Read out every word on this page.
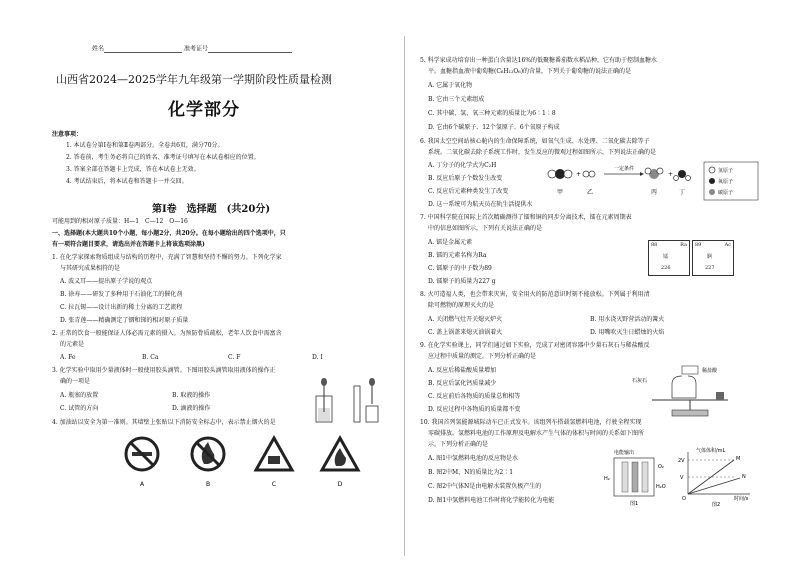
姓名	准考证号
山西省2024—2025学年九年级第一学期阶段性质量检测
化学部分
注意事项：
1. 本试卷分第Ⅰ卷和第Ⅱ卷两部分。全卷共6页，满分70分。
2. 答卷前，考生务必将自己的姓名、准考证号填写在本试卷相应的位置。
3. 答案全部在答题卡上完成，答在本试卷上无效。
4. 考试结束后，将本试卷和答题卡一并交回。
第Ⅰ卷　选择题　(共20分)
可能用到的相对原子质量：H—1　C—12　O—16
一、选择题(本大题共10个小题，每小题2分，共20分。在每小题给出的四个选项中，只
有一项符合题目要求，请选出并在答题卡上将该选项涂黑)
1. 在化学家探索物质组成与结构的历程中，充满了智慧和坚持不懈的努力。下列化学家
与其研究成果相符的是
A. 波义耳——提出原子学说的观点
B. 徐寿——研发了多种用于石油化工的催化剂
C. 拉瓦锡——设计出新的稀土分离的工艺流程
D. 张青莲——精确测定了铟和锑的相对原子质量
2. 正常的饮食一般能保证人体必需元素的摄入。为预防骨质疏松，老年人饮食中需富含
的元素是
A. Fe	B. Ca	C. F	D. I
3. 化学实验中取用少量液体时一般使用胶头滴管。下图用胶头滴管取用液体的操作正
确的一项是
A. 瓶塞的放置	B. 取液的操作
C. 试管的方向	D. 滴液的操作
4. 加油站以安全为第一准则。其墙壁上张贴以下消防安全标志中，表示禁止烟火的是
A	B	C	D
5. 科学家成功培育出一种蛋白含量达16%的低聚糖番茄数水稻品种，它有助于控制血糖水
平。血糖指血液中葡萄糖(C₆H₁₂O₆)的含量，下列关于葡萄糖的说法正确的是
A. 它属于氧化物
B. 它由三个元素组成
C. 其中碳、氢、氧三种元素的质量比为6∶1∶8
D. 它由6个碳原子、12个氢原子、6个氧原子构成
6. 我国太空空间站核心舱内的生命保障系统，如氧气生成、水处理、二氧化碳去除等子
系统。二氧化碳去除子系统工作时，发生反应的微观过程如图所示，下列说法正确的是
A. 丁分子的化学式为C₂H
B. 反应后原子个数发生改变
C. 反应后元素种类发生了改变
D. 这一系统可为航天员在轨生活提供水
+
一定条件
+
甲	乙	丙	丁
氢原子
氧原子
碳原子
7. 中国科学院在国际上首次精确测得了镭和铜的同步分离技术，镭在元素周期表
中的信息如图所示，下列有关说法正确的是
A. 镭是金属元素
B. 镭的元素名称为Ra
C. 镭原子的中子数为89
D. 镭原子的质量为227 g
88	Ra
镭
226
89	Ac
锕
227
8. 火可造福人类，也会带来灾害，安全用火的防范意识时刻不能放松。下列属于利用清
除可燃物的原理灭火的是
A. 关闭燃气灶开关熄灭炉火	B. 用水浇灭野营活动的篝火
C. 盖上锅盖来熄灭油锅着火	D. 用嘴吹灭生日蜡烛的火焰
9. 在化学实验课上，同学们通过如下实验，完成了对密闭容器中少量石灰石与稀盐酸反
应过程中质量的测定。下列分析正确的是
A. 反应后稀盐酸质量增加
B. 反应后氯化钙质量减少
C. 反应前后各物质的质量总和相等
D. 反应过程中各物质的质量都不变
稀盐酸
石灰石
10. 我国首列氢能源城际动车已正式发车。该组列车搭载氢燃料电池，行驶全程实现
零碳排放。氢燃料电池的工作原理及电解水产生气体的体积与时间的关系如下图所
示。下列分析正确的是
A. 图1中氢燃料电池的反应物是水
B. 图2中M、N的质量比为2∶1
C. 图2中气体N是由电解水装置负极产生的
D. 图1中氢燃料电池工作时将化学能转化为电能
电能输出
H₂
O₂
H₂O
图1
气体体积/mL
M
N
2V
V
O	时间/s
图2
